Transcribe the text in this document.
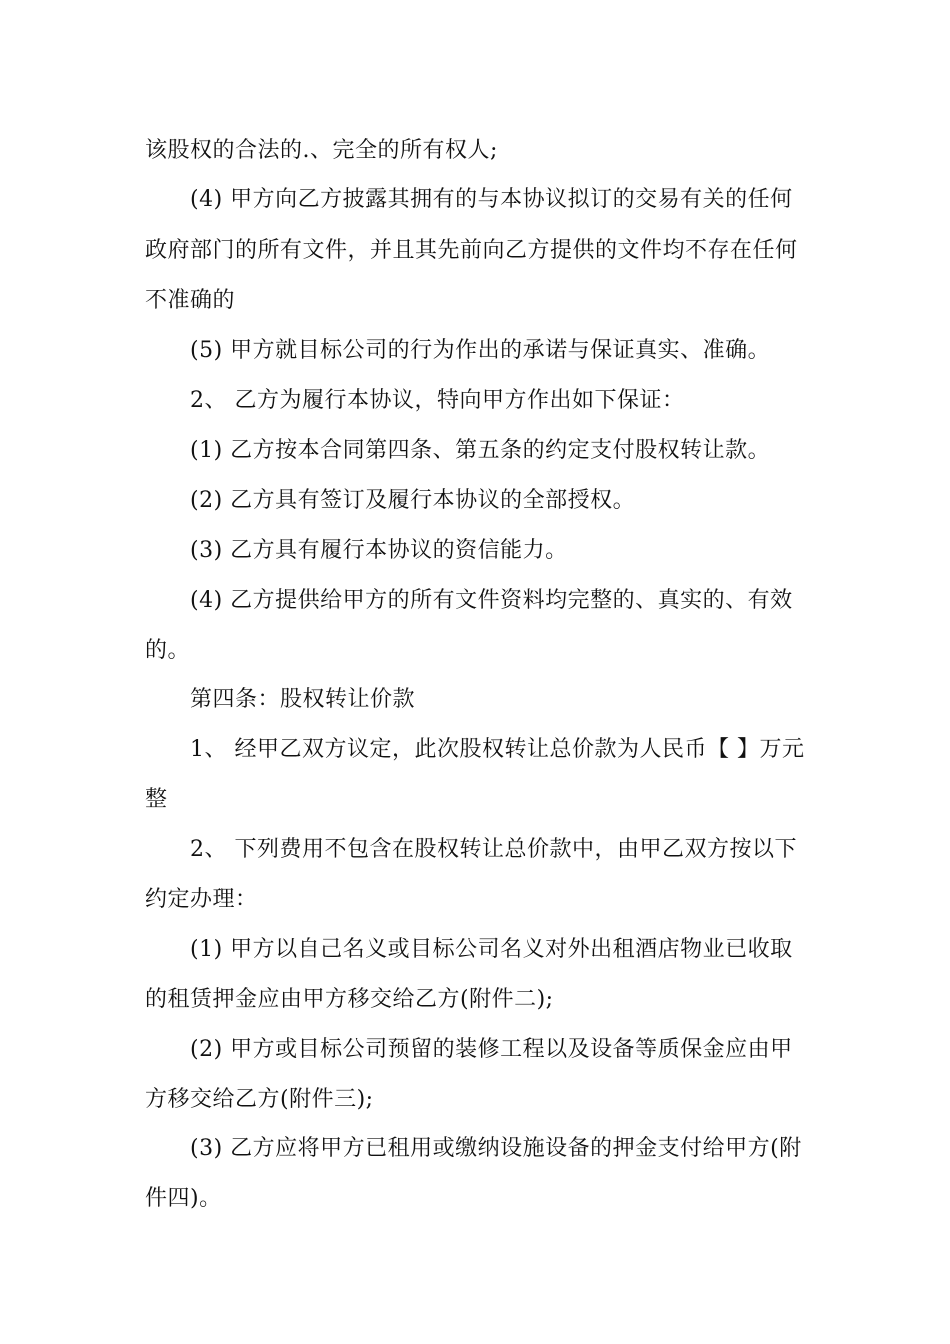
该股权的合法的.、完全的所有权人;
(4) 甲方向乙方披露其拥有的与本协议拟订的交易有关的任何
政府部门的所有文件，并且其先前向乙方提供的文件均不存在任何
不准确的
(5) 甲方就目标公司的行为作出的承诺与保证真实、准确。
2、 乙方为履行本协议，特向甲方作出如下保证：
(1) 乙方按本合同第四条、第五条的约定支付股权转让款。
(2) 乙方具有签订及履行本协议的全部授权。
(3) 乙方具有履行本协议的资信能力。
(4) 乙方提供给甲方的所有文件资料均完整的、真实的、有效
的。
第四条：股权转让价款
1、 经甲乙双方议定，此次股权转让总价款为人民币【 】万元
整
2、 下列费用不包含在股权转让总价款中，由甲乙双方按以下
约定办理：
(1) 甲方以自己名义或目标公司名义对外出租酒店物业已收取
的租赁押金应由甲方移交给乙方(附件二);
(2) 甲方或目标公司预留的装修工程以及设备等质保金应由甲
方移交给乙方(附件三);
(3) 乙方应将甲方已租用或缴纳设施设备的押金支付给甲方(附
件四)。
